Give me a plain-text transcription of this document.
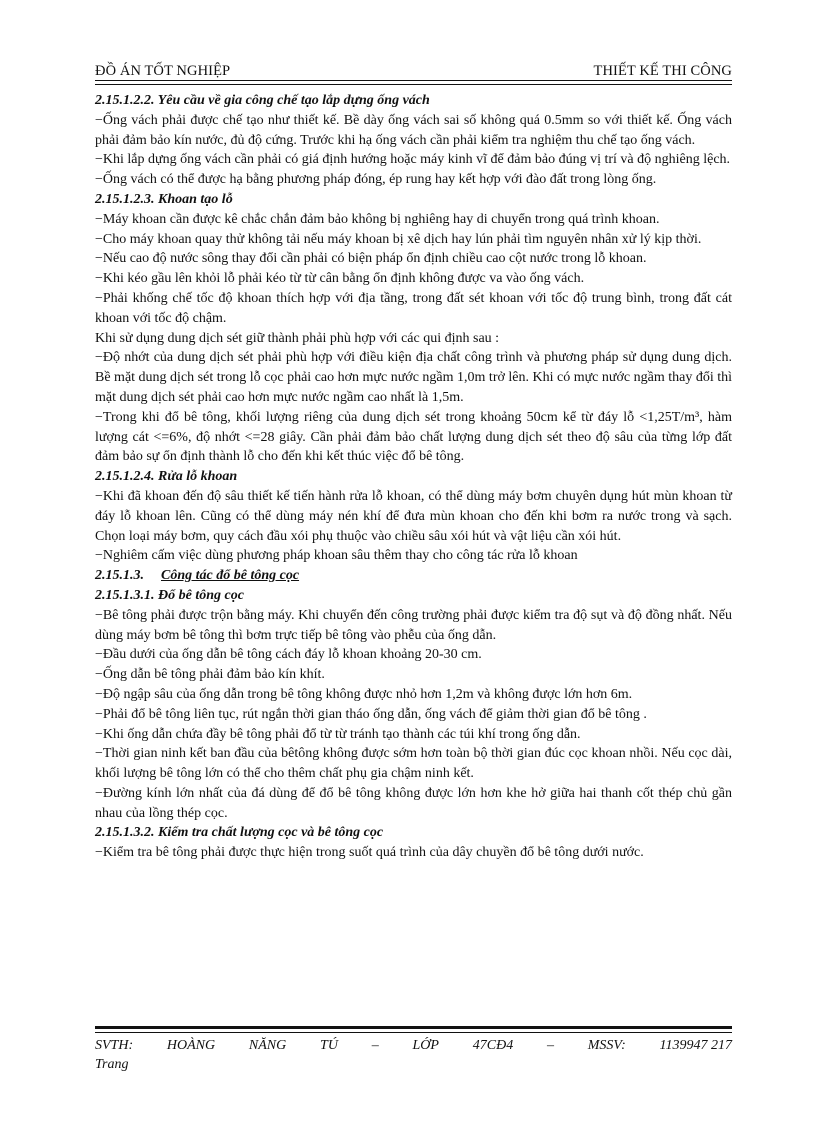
ĐỒ ÁN TỐT NGHIỆP	THIẾT KẾ THI CÔNG

2.15.1.2.2. Yêu cầu về gia công chế tạo lắp dựng ống vách

−Ống vách phải được chế tạo như thiết kế. Bề dày ống vách sai số không quá 0.5mm so với thiết kế. Ống vách phải đảm bảo kín nước, đủ độ cứng. Trước khi hạ ống vách cần phải kiểm tra nghiệm thu chế tạo ống vách.

−Khi lắp dựng ống vách cần phải có giá định hướng hoặc máy kinh vĩ để đảm bảo đúng vị trí và độ nghiêng lệch.

−Ống vách có thể được hạ bằng phương pháp đóng, ép rung hay kết hợp với đào đất trong lòng ống.

2.15.1.2.3. Khoan tạo lỗ

−Máy khoan cần được kê chắc chắn đảm bảo không bị nghiêng hay di chuyển trong quá trình khoan.

−Cho máy khoan quay thử không tải nếu máy khoan bị xê dịch hay lún phải tìm nguyên nhân xử lý kịp thời.

−Nếu cao độ nước sông thay đổi cần phải có biện pháp ổn định chiều cao cột nước trong lỗ khoan.

−Khi kéo gầu lên khỏi lỗ phải kéo từ từ cân bằng ổn định không được va vào ống vách.

−Phải khống chế tốc độ khoan thích hợp với địa tầng, trong đất sét khoan với tốc độ trung bình, trong đất cát khoan với tốc độ chậm.

Khi sử dụng dung dịch sét giữ thành phải phù hợp với các qui định sau :

−Độ nhớt của dung dịch sét phải phù hợp với điều kiện địa chất công trình và phương pháp sử dụng dung dịch. Bề mặt dung dịch sét trong lỗ cọc phải cao hơn mực nước ngầm 1,0m trở lên. Khi có mực nước ngầm thay đổi thì mặt dung dịch sét phải cao hơn mực nước ngầm cao nhất là 1,5m.

−Trong khi đổ bê tông, khối lượng riêng của dung dịch sét trong khoảng 50cm kể từ đáy lỗ <1,25T/m³, hàm lượng cát <=6%, độ nhớt <=28 giây. Cần phải đảm bảo chất lượng dung dịch sét theo độ sâu của từng lớp đất đảm bảo sự ổn định thành lỗ cho đến khi kết thúc việc đổ bê tông.

2.15.1.2.4. Rửa lỗ khoan

−Khi đã khoan đến độ sâu thiết kế tiến hành rửa lỗ khoan, có thể dùng máy bơm chuyên dụng hút mùn khoan từ đáy lỗ khoan lên. Cũng có thể dùng máy nén khí để đưa mùn khoan cho đến khi bơm ra nước trong và sạch. Chọn loại máy bơm, quy cách đầu xói phụ thuộc vào chiều sâu xói hút và vật liệu cần xói hút.

−Nghiêm cấm việc dùng phương pháp khoan sâu thêm thay cho công tác rửa lỗ khoan

2.15.1.3. Công tác đổ bê tông cọc

2.15.1.3.1. Đổ bê tông cọc

−Bê tông phải được trộn bằng máy. Khi chuyển đến công trường phải được kiểm tra độ sụt và độ đồng nhất. Nếu dùng máy bơm bê tông thì bơm trực tiếp bê tông vào phễu của ống dẫn.

−Đầu dưới của ống dẫn bê tông cách đáy lỗ khoan khoảng 20-30 cm.

−Ống dẫn bê tông phải đảm bảo kín khít.

−Độ ngập sâu của ống dẫn trong bê tông không được nhỏ hơn 1,2m và không được lớn hơn 6m.

−Phải đổ bê tông liên tục, rút ngắn thời gian tháo ống dẫn, ống vách để giảm thời gian đổ bê tông .

−Khi ống dẫn chứa đầy bê tông phải đổ từ từ tránh tạo thành các túi khí trong ống dẫn.

−Thời gian ninh kết ban đầu của bêtông không được sớm hơn toàn bộ thời gian đúc cọc khoan nhồi. Nếu cọc dài, khối lượng bê tông lớn có thể cho thêm chất phụ gia chậm ninh kết.

−Đường kính lớn nhất của đá dùng để đổ bê tông không được lớn hơn khe hở giữa hai thanh cốt thép chủ gần nhau của lồng thép cọc.

2.15.1.3.2. Kiểm tra chất lượng cọc và bê tông cọc

−Kiểm tra bê tông phải được thực hiện trong suốt quá trình của dây chuyền đổ bê tông dưới nước.

SVTH: HOÀNG NĂNG TÚ – LỚP 47CĐ4 – MSSV: 1139947 217
Trang
